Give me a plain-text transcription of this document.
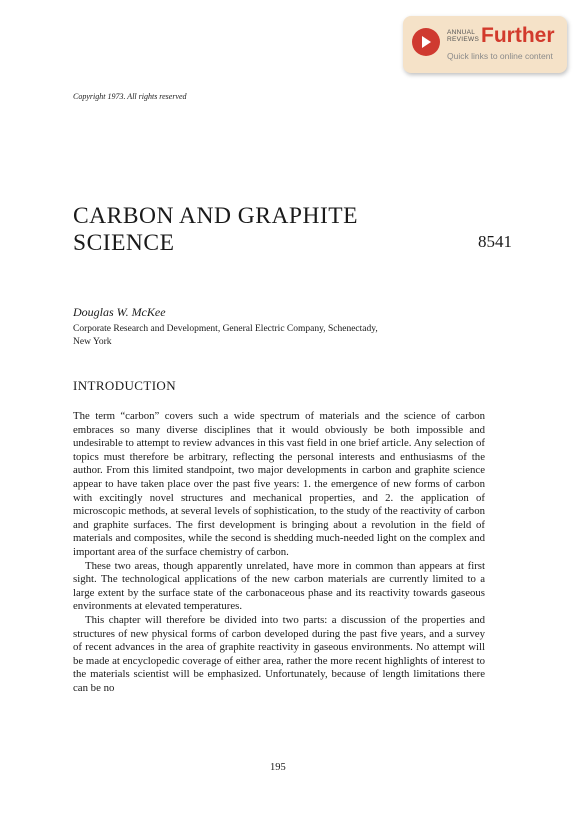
ANNUAL
REVIEWS Further
Quick links to online content
Copyright 1973. All rights reserved
CARBON AND GRAPHITE
SCIENCE	8541
Douglas W. McKee
Corporate Research and Development, General Electric Company, Schenectady,
New York
INTRODUCTION

The term “carbon” covers such a wide spectrum of materials and the science of carbon embraces so many diverse disciplines that it would obviously be both impossible and undesirable to attempt to review advances in this vast field in one brief article. Any selection of topics must therefore be arbitrary, reflecting the personal interests and enthusiasms of the author. From this limited standpoint, two major developments in carbon and graphite science appear to have taken place over the past five years: 1. the emergence of new forms of carbon with excitingly novel structures and mechanical properties, and 2. the application of microscopic methods, at several levels of sophistication, to the study of the reactivity of carbon and graphite surfaces. The first development is bringing about a revolution in the field of materials and composites, while the second is shedding much-needed light on the complex and important area of the surface chemistry of carbon.

These two areas, though apparently unrelated, have more in common than appears at first sight. The technological applications of the new carbon materials are currently limited to a large extent by the surface state of the carbonaceous phase and its reactivity towards gaseous environments at elevated temperatures.

This chapter will therefore be divided into two parts: a discussion of the properties and structures of new physical forms of carbon developed during the past five years, and a survey of recent advances in the area of graphite reactivity in gaseous environments. No attempt will be made at encyclopedic coverage of either area, rather the more recent highlights of interest to the materials scientist will be emphasized. Unfortunately, because of length limitations there can be no

195
